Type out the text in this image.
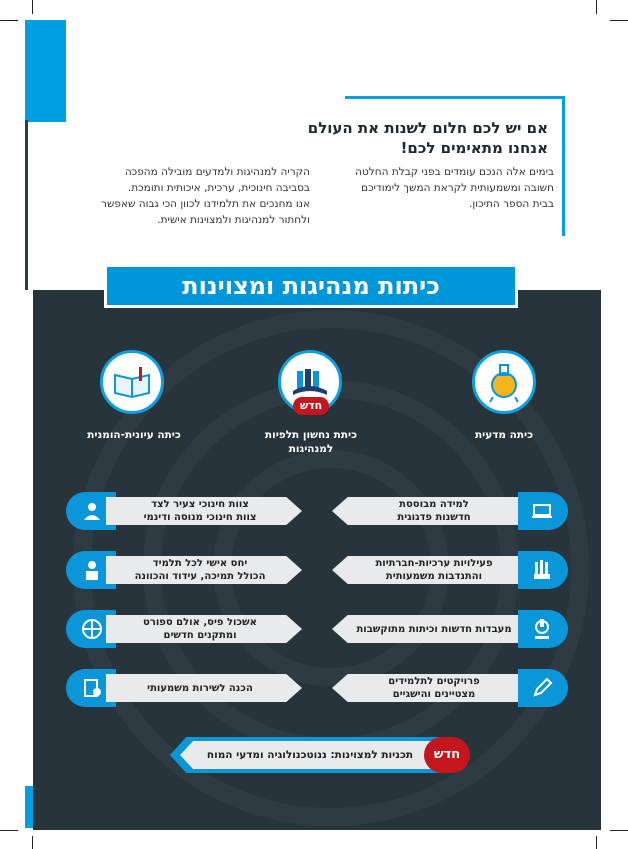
אם יש לכם חלום לשנות את העולם
אנחנו מתאימים לכם!
בימים אלה הנכם עומדים בפני קבלת החלטה
חשובה ומשמעותית לקראת המשך לימודיכם
בבית הספר התיכון.
הקריה למנהיגות ולמדעים מובילה מהפכה
בסביבה חינוכית, ערכית, איכותית ותומכת.
אנו מחנכים את תלמידנו לכוון הכי גבוה שאפשר
ולחתור למנהיגות ולמצוינות אישית.
כיתות מנהיגות ומצוינות
חדש
כיתה מדעית
כיתת נחשון תלפיות
למנהיגות
כיתה עיונית-הומנית
למידה מבוססת
חדשנות פדגוגית
פעילויות ערכיות-חברתיות
והתנדבות משמעותית
מעבדות חדשות וכיתות מתוקשבות
פרויקטים לתלמידים
מצטיינים והישגיים
צוות חינוכי צעיר לצד
צוות חינוכי מנוסה ודינמי
יחס אישי לכל תלמיד
הכולל תמיכה, עידוד והכוונה
אשכול פיס, אולם ספורט
ומתקנים חדשים
הכנה לשירות משמעותי
תכניות למצוינות: ננוטכנולוגיה ומדעי המוח	חדש
